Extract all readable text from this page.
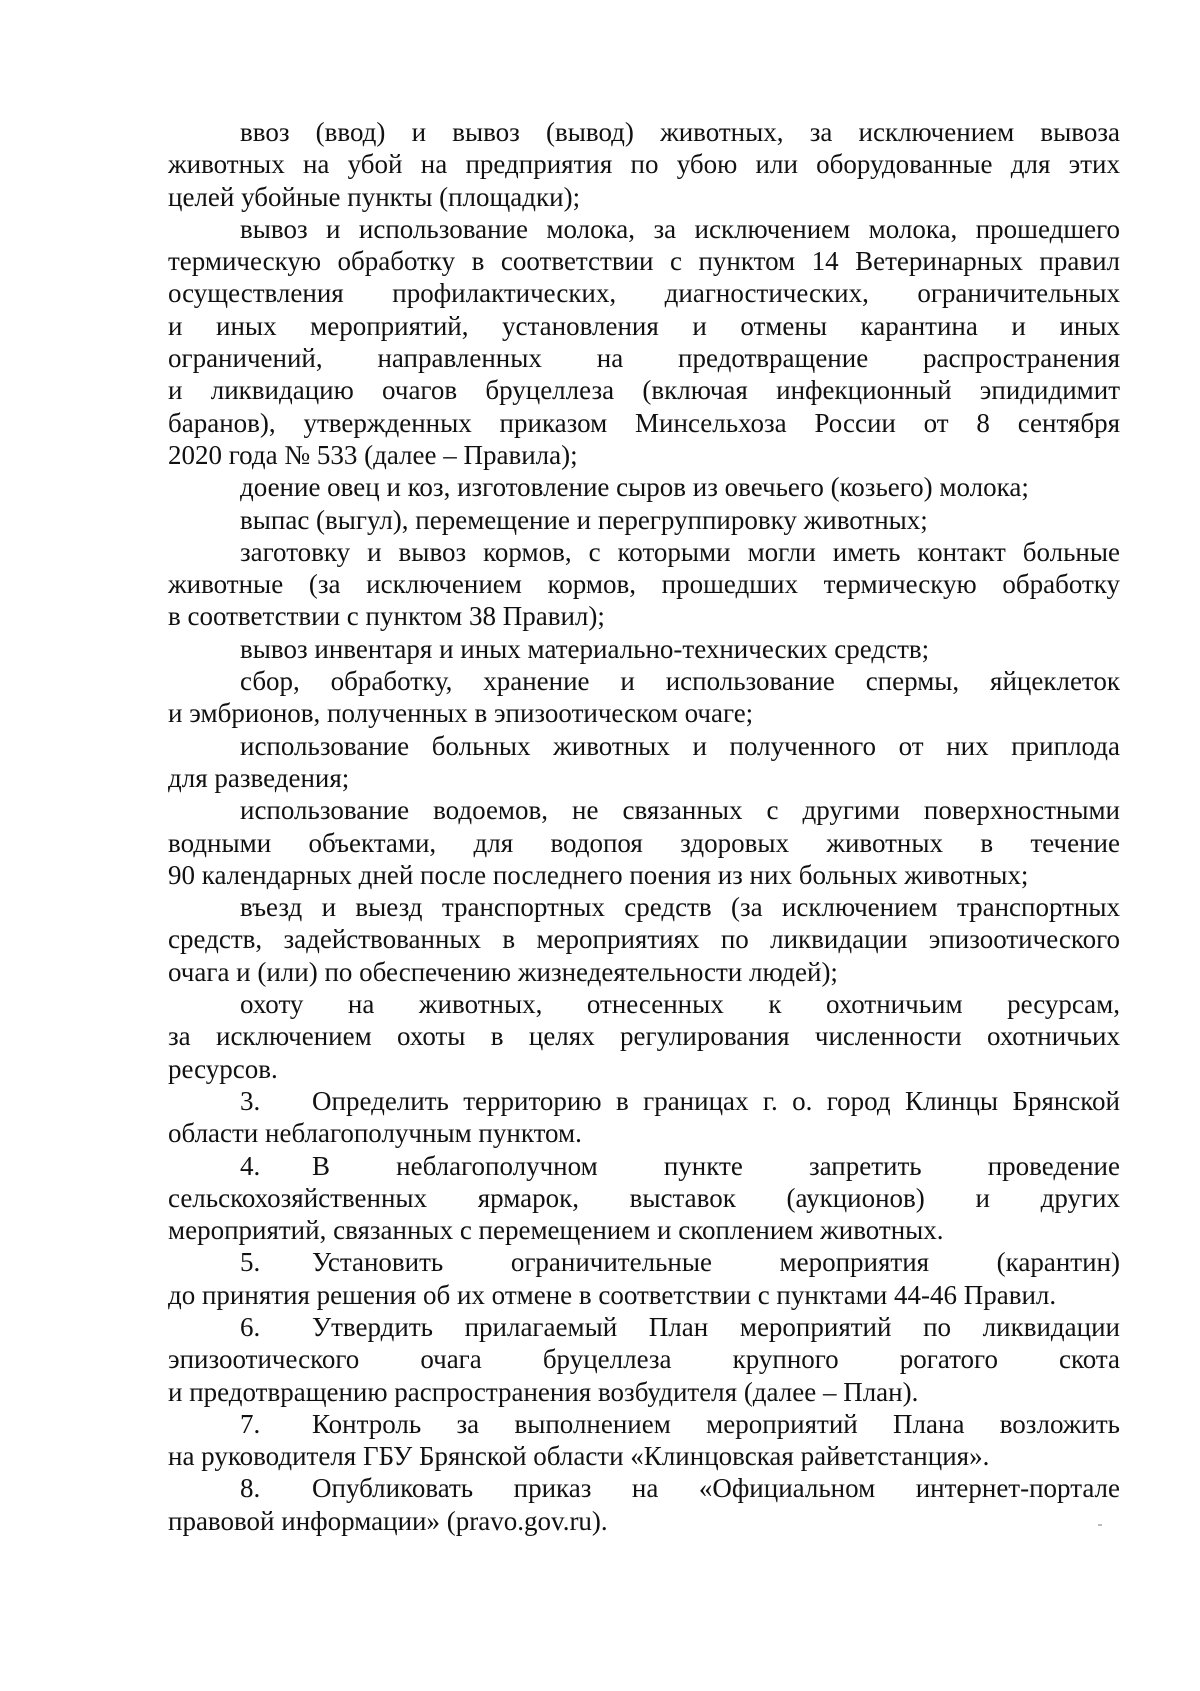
ввоз (ввод) и вывоз (вывод) животных, за исключением вывоза
животных на убой на предприятия по убою или оборудованные для этих
целей убойные пункты (площадки);
вывоз и использование молока, за исключением молока, прошедшего
термическую обработку в соответствии с пунктом 14 Ветеринарных правил
осуществления профилактических, диагностических, ограничительных
и иных мероприятий, установления и отмены карантина и иных
ограничений, направленных на предотвращение распространения
и ликвидацию очагов бруцеллеза (включая инфекционный эпидидимит
баранов), утвержденных приказом Минсельхоза России от 8 сентября
2020 года № 533 (далее – Правила);
доение овец и коз, изготовление сыров из овечьего (козьего) молока;
выпас (выгул), перемещение и перегруппировку животных;
заготовку и вывоз кормов, с которыми могли иметь контакт больные
животные (за исключением кормов, прошедших термическую обработку
в соответствии с пунктом 38 Правил);
вывоз инвентаря и иных материально-технических средств;
сбор, обработку, хранение и использование спермы, яйцеклеток
и эмбрионов, полученных в эпизоотическом очаге;
использование больных животных и полученного от них приплода
для разведения;
использование водоемов, не связанных с другими поверхностными
водными объектами, для водопоя здоровых животных в течение
90 календарных дней после последнего поения из них больных животных;
въезд и выезд транспортных средств (за исключением транспортных
средств, задействованных в мероприятиях по ликвидации эпизоотического
очага и (или) по обеспечению жизнедеятельности людей);
охоту на животных, отнесенных к охотничьим ресурсам,
за исключением охоты в целях регулирования численности охотничьих
ресурсов.
3.	Определить территорию в границах г. о. город Клинцы Брянской
области неблагополучным пунктом.
4.	В неблагополучном пункте запретить проведение
сельскохозяйственных ярмарок, выставок (аукционов) и других
мероприятий, связанных с перемещением и скоплением животных.
5.	Установить ограничительные мероприятия (карантин)
до принятия решения об их отмене в соответствии с пунктами 44-46 Правил.
6.	Утвердить прилагаемый План мероприятий по ликвидации
эпизоотического очага бруцеллеза крупного рогатого скота
и предотвращению распространения возбудителя (далее – План).
7.	Контроль за выполнением мероприятий Плана возложить
на руководителя ГБУ Брянской области «Клинцовская райветстанция».
8.	Опубликовать приказ на «Официальном интернет-портале
правовой информации» (pravo.gov.ru).
